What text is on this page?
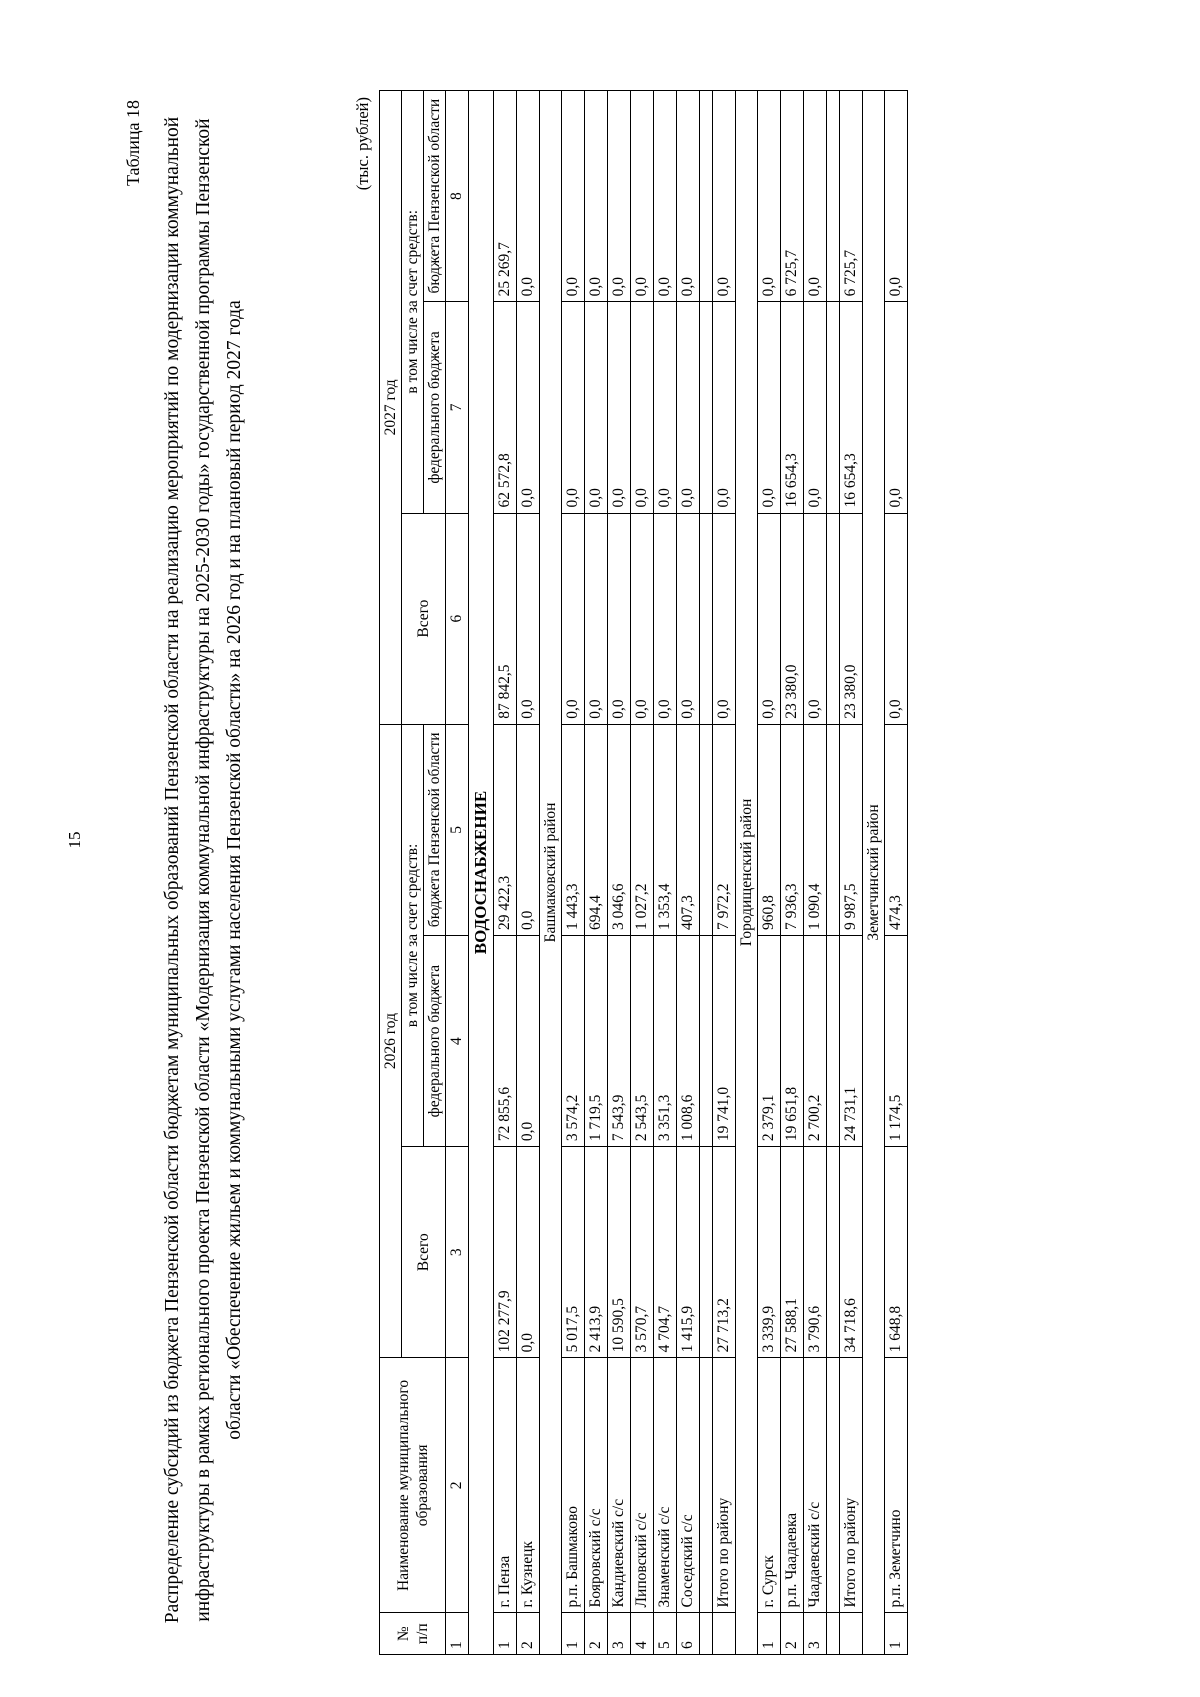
15
Таблица 18 Распределение субсидий из бюджета Пензенской области бюджетам муниципальных образований Пензенской области на реализацию мероприятий по модернизации коммунальной инфраструктуры в рамках регионального проекта Пензенской области «Модернизация коммунальной инфраструктуры на 2025-2030 годы» государственной программы Пензенской области «Обеспечение жильем и коммунальными услугами населения Пензенской области» на 2026 год и на плановый период 2027 года
(тыс. рублей)
№ п/п	Наименование муниципального образования	2026 год			2027 год		
		Всего	в том числе за счет средств:		Всего	в том числе за счет средств:	
			федерального бюджета	бюджета Пензенской области		федерального бюджета	бюджета Пензенской области
1	2	3	4	5	6	7	8
ВОДОСНАБЖЕНИЕ							
1	г. Пенза	102 277,9	72 855,6	29 422,3	87 842,5	62 572,8	25 269,7
2	г. Кузнецк	0,0	0,0	0,0	0,0	0,0	0,0
Башмаковский район							
1	р.п. Башмаково	5 017,5	3 574,2	1 443,3	0,0	0,0	0,0
2	Бояровский с/с	2 413,9	1 719,5	694,4	0,0	0,0	0,0
3	Кандиевский с/с	10 590,5	7 543,9	3 046,6	0,0	0,0	0,0
4	Липовский с/с	3 570,7	2 543,5	1 027,2	0,0	0,0	0,0
5	Знаменский с/с	4 704,7	3 351,3	1 353,4	0,0	0,0	0,0
6	Соседский с/с	1 415,9	1 008,6	407,3	0,0	0,0	0,0

	Итого по району	27 713,2	19 741,0	7 972,2	0,0	0,0	0,0
Городищенский район							
1	г. Сурск	3 339,9	2 379,1	960,8	0,0	0,0	0,0
2	р.п. Чаадаевка	27 588,1	19 651,8	7 936,3	23 380,0	16 654,3	6 725,7
3	Чаадаевский с/с	3 790,6	2 700,2	1 090,4	0,0	0,0	0,0

	Итого по району	34 718,6	24 731,1	9 987,5	23 380,0	16 654,3	6 725,7
Земетчинский район							
1	р.п. Земетчино	1 648,8	1 174,5	474,3	0,0	0,0	0,0
